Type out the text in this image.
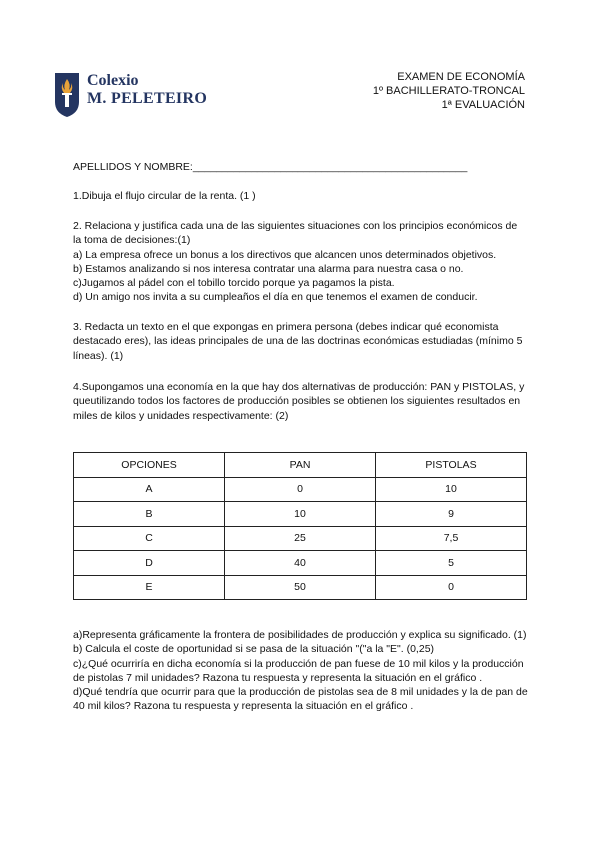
Colexio
M. PELETEIRO
EXAMEN DE ECONOMÍA
1º BACHILLERATO-TRONCAL
1ª EVALUACIÓN

APELLIDOS Y NOMBRE:_______________________________________________

1.Dibuja el flujo circular de la renta. (1 )

2. Relaciona y justifica cada una de las siguientes situaciones con los principios económicos de la toma de decisiones:(1)

a) La empresa ofrece un bonus a los directivos que alcancen unos determinados objetivos.

b) Estamos analizando si nos interesa contratar una alarma para nuestra casa o no.

c)Jugamos al pádel con el tobillo torcido porque ya pagamos la pista.

d) Un amigo nos invita a su cumpleaños el día en que tenemos el examen de conducir.

3. Redacta un texto en el que expongas en primera persona (debes indicar qué economista destacado eres), las ideas principales de una de las doctrinas económicas estudiadas (mínimo 5 líneas). (1)

4.Supongamos una economía en la que hay dos alternativas de producción: PAN y PISTOLAS, y queutilizando todos los factores de producción posibles se obtienen los siguientes resultados en miles de kilos y unidades respectivamente: (2)

OPCIONES	PAN	PISTOLAS
A	0	10
B	10	9
C	25	7,5
D	40	5
E	50	0

a)Representa gráficamente la frontera de posibilidades de producción y explica su significado. (1)

b) Calcula el coste de oportunidad si se pasa de la situación "("a la "E". (0,25)

c)¿Qué ocurriría en dicha economía si la producción de pan fuese de 10 mil kilos y la producción de pistolas 7 mil unidades? Razona tu respuesta y representa la situación en el gráfico .

d)Qué tendría que ocurrir para que la producción de pistolas sea de 8 mil unidades y la de pan de 40 mil kilos? Razona tu respuesta y representa la situación en el gráfico .
